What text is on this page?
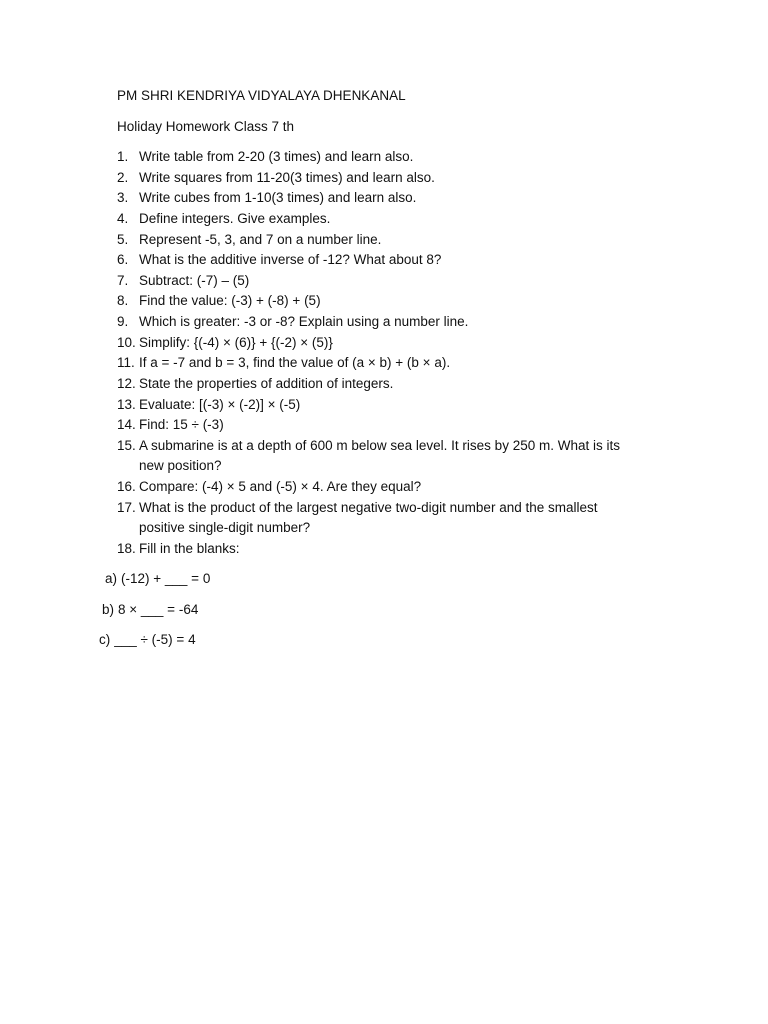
PM SHRI KENDRIYA VIDYALAYA DHENKANAL
Holiday Homework Class 7 th
1. Write table from 2-20 (3 times) and learn also.
2. Write squares from 11-20(3 times) and learn also.
3. Write cubes from 1-10(3 times) and learn also.
4. Define integers. Give examples.
5. Represent -5, 3, and 7 on a number line.
6. What is the additive inverse of -12? What about 8?
7. Subtract: (-7) – (5)
8. Find the value: (-3) + (-8) + (5)
9. Which is greater: -3 or -8? Explain using a number line.
10. Simplify: {(-4) × (6)} + {(-2) × (5)}
11. If a = -7 and b = 3, find the value of (a × b) + (b × a).
12. State the properties of addition of integers.
13. Evaluate: [(-3) × (-2)] × (-5)
14. Find: 15 ÷ (-3)
15. A submarine is at a depth of 600 m below sea level. It rises by 250 m. What is its
new position?
16. Compare: (-4) × 5 and (-5) × 4. Are they equal?
17. What is the product of the largest negative two-digit number and the smallest
positive single-digit number?
18. Fill in the blanks:
a) (-12) + ___ = 0
b) 8 × ___ = -64
c) ___ ÷ (-5) = 4
